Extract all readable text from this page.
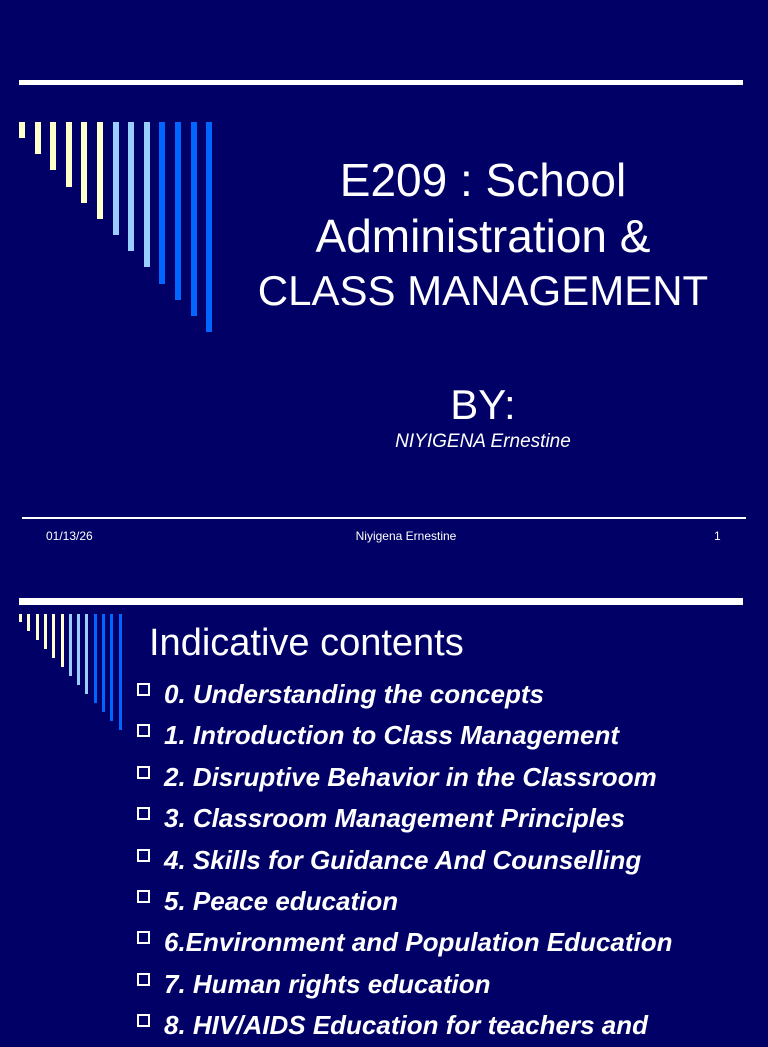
E209 : School
Administration &
CLASS MANAGEMENT
BY:
NIYIGENA Ernestine
01/13/26	Niyigena Ernestine	1
Indicative contents
0. Understanding the concepts
1. Introduction to Class Management
2. Disruptive Behavior in the Classroom
3. Classroom Management Principles
4. Skills for Guidance And Counselling
5. Peace education
6.Environment and Population Education
7. Human rights education
8. HIV/AIDS Education for teachers and
